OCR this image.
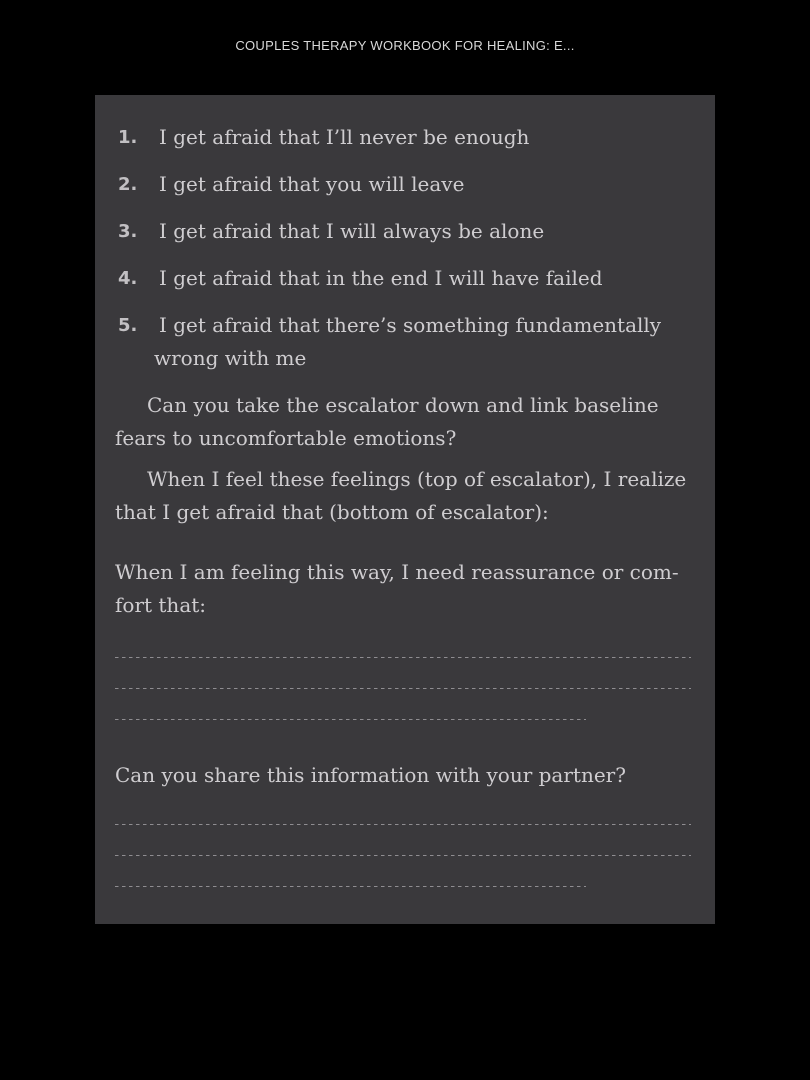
COUPLES THERAPY WORKBOOK FOR HEALING: E...
1.	I get afraid that I’ll never be enough
2.	I get afraid that you will leave
3.	I get afraid that I will always be alone
4.	I get afraid that in the end I will have failed
5.	I get afraid that there’s something fundamentally
wrong with me

Can you take the escalator down and link baseline fears to uncomfortable emotions?

When I feel these feelings (top of escalator), I realize that I get afraid that (bottom of escalator):

When I am feeling this way, I need reassurance or com-fort that:

Can you share this information with your partner?
